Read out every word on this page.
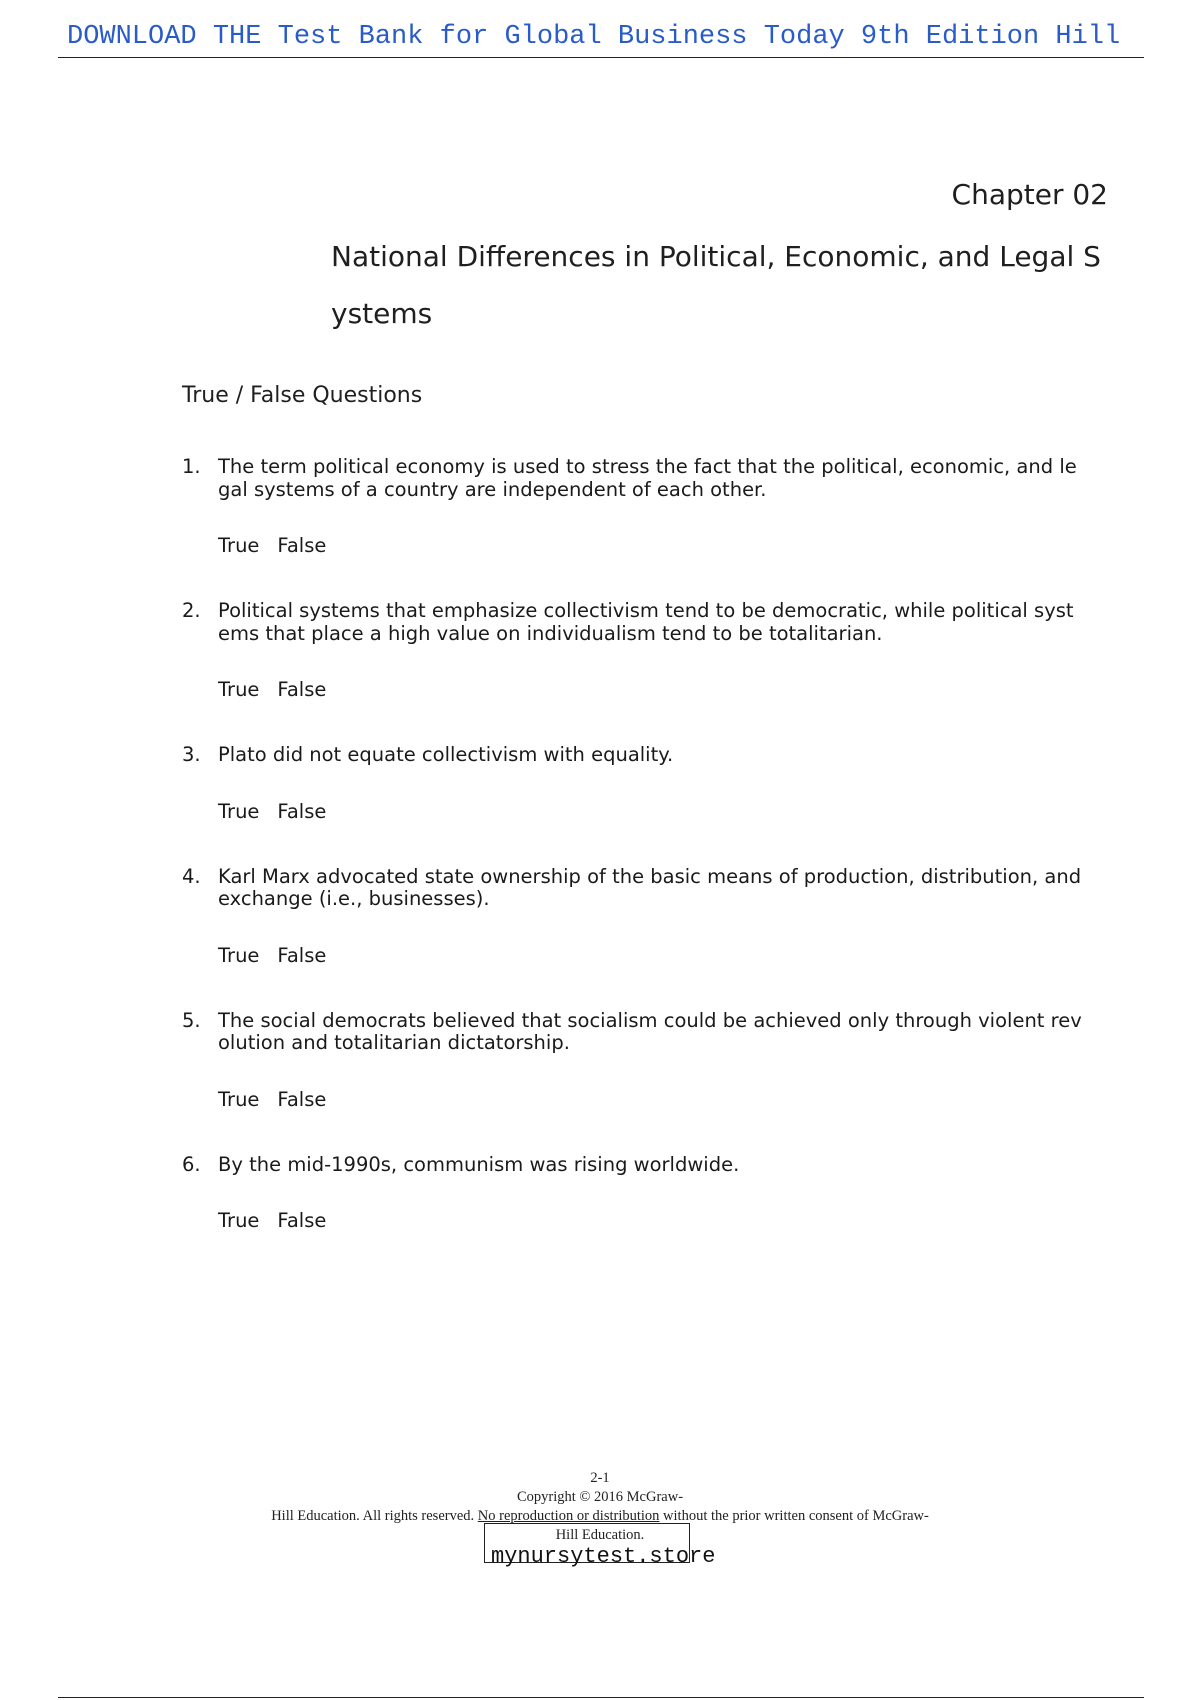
DOWNLOAD THE Test Bank for Global Business Today 9th Edition Hill
Chapter 02
National Differences in Political, Economic, and Legal Systems
True / False Questions
1. The term political economy is used to stress the fact that the political, economic, and legal systems of a country are independent of each other.
True False
2. Political systems that emphasize collectivism tend to be democratic, while political systems that place a high value on individualism tend to be totalitarian.
True False
3. Plato did not equate collectivism with equality.
True False
4. Karl Marx advocated state ownership of the basic means of production, distribution, and exchange (i.e., businesses).
True False
5. The social democrats believed that socialism could be achieved only through violent revolution and totalitarian dictatorship.
True False
6. By the mid-1990s, communism was rising worldwide.
True False
2-1
Copyright © 2016 McGraw-
Hill Education. All rights reserved. No reproduction or distribution without the prior written consent of McGraw-
Hill Education.
mynursytest.store
